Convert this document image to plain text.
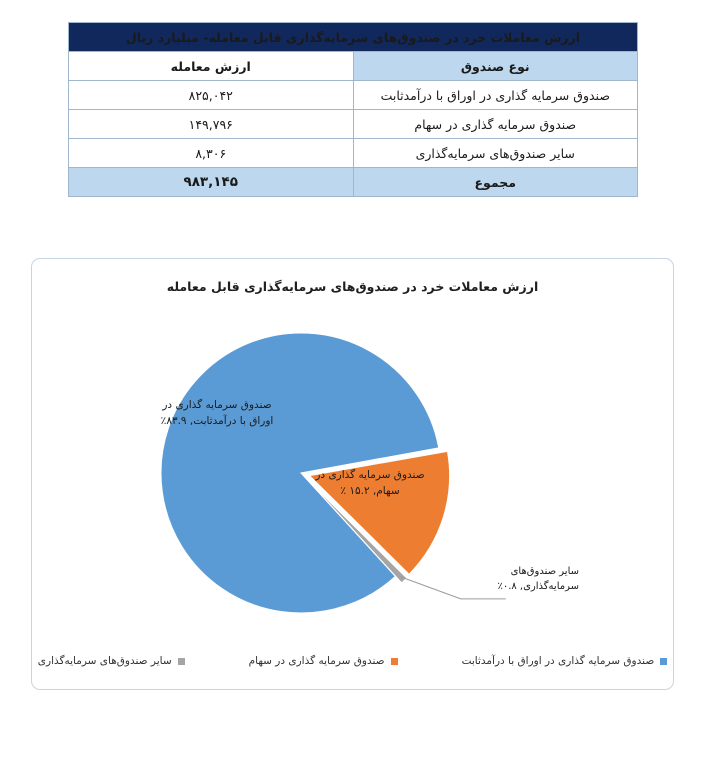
ارزش معاملات خرد در صندوق‌های سرمایه‌گذاری قابل معامله- میلیارد ریال	
نوع صندوق	ارزش معامله
صندوق سرمایه گذاری در اوراق با درآمدثابت	۸۲۵,۰۴۲
صندوق سرمایه گذاری در سهام	۱۴۹,۷۹۶
سایر صندوق‌های سرمایه‌گذاری	۸,۳۰۶
مجموع	۹۸۳,۱۴۵
ارزش معاملات خرد در صندوق‌های سرمایه‌گذاری قابل معامله
صندوق سرمایه گذاری در
اوراق با درآمدثابت, ۸۳.۹٪
صندوق سرمایه گذاری در
سهام, ۱۵.۲ ٪
سایر صندوق‌های
سرمایه‌گذاری, ۰.۸٪
سایر صندوق‌های سرمایه‌گذاری	صندوق سرمایه گذاری در سهام	صندوق سرمایه گذاری در اوراق با درآمدثابت
